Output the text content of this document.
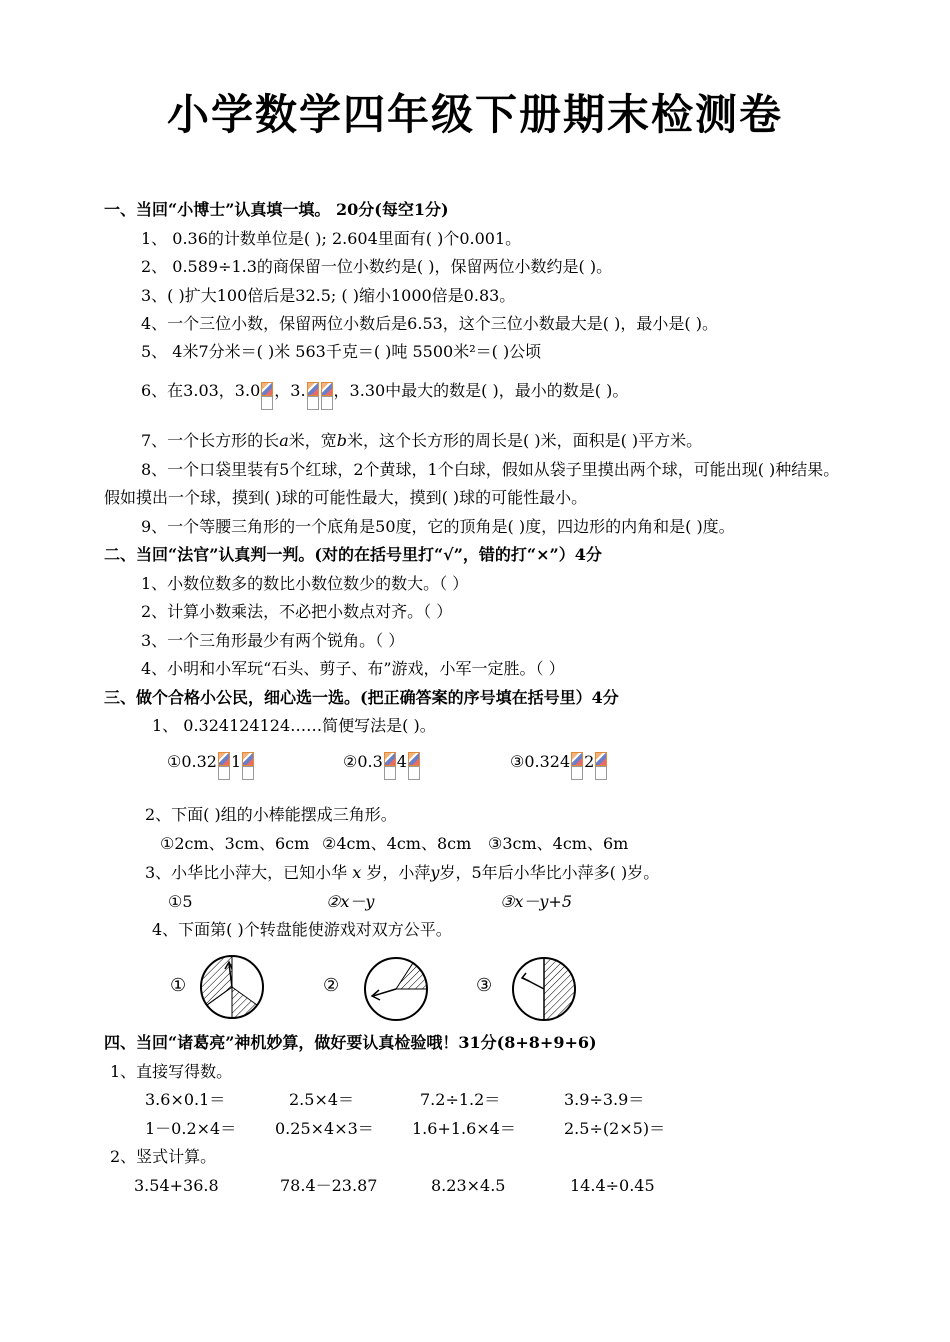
小学数学四年级下册期末检测卷
一、当回“小博士”认真填一填。 20分(每空1分)
1、 0.36的计数单位是( ); 2.604里面有( )个0.001。
2、 0.589÷1.3的商保留一位小数约是( )，保留两位小数约是( )。
3、( )扩大100倍后是32.5; ( )缩小1000倍是0.83。
4、一个三位小数，保留两位小数后是6.53，这个三位小数最大是( )，最小是( )。
5、 4米7分米＝( )米 563千克＝( )吨 5500米²＝( )公顷
6、在3.03，3.0 ，3. ，3.30中最大的数是( )，最小的数是( )。
7、一个长方形的长a米，宽b米，这个长方形的周长是( )米，面积是( )平方米。
8、一个口袋里装有5个红球，2个黄球，1个白球，假如从袋子里摸出两个球，可能出现( )种结果。
假如摸出一个球，摸到( )球的可能性最大，摸到( )球的可能性最小。
9、一个等腰三角形的一个底角是50度，它的顶角是( )度，四边形的内角和是( )度。
二、当回“法官”认真判一判。(对的在括号里打“√”，错的打“×”）4分
1、小数位数多的数比小数位数少的数大。（ ）
2、计算小数乘法，不必把小数点对齐。（ ）
3、一个三角形最少有两个锐角。（ ）
4、小明和小军玩“石头、剪子、布”游戏，小军一定胜。（ ）
三、做个合格小公民，细心选一选。(把正确答案的序号填在括号里）4分
1、 0.324124124……简便写法是( )。
①0.32 1	②0.3 4	③0.324 2
2、下面( )组的小棒能摆成三角形。
①2cm、3cm、6cm ②4cm、4cm、8cm ③3cm、4cm、6m
3、小华比小萍大，已知小华 x 岁，小萍y岁，5年后小华比小萍多( )岁。
①5	②x－y	③x－y+5
4、下面第( )个转盘能使游戏对双方公平。
①	②	③
四、当回“诸葛亮”神机妙算，做好要认真检验哦！31分(8+8+9+6)
1、直接写得数。
3.6×0.1＝	2.5×4＝	7.2÷1.2＝	3.9÷3.9＝
1－0.2×4＝ 0.25×4×3＝ 1.6+1.6×4＝	2.5÷(2×5)＝
2、竖式计算。
3.54+36.8	78.4－23.87	8.23×4.5	14.4÷0.45
